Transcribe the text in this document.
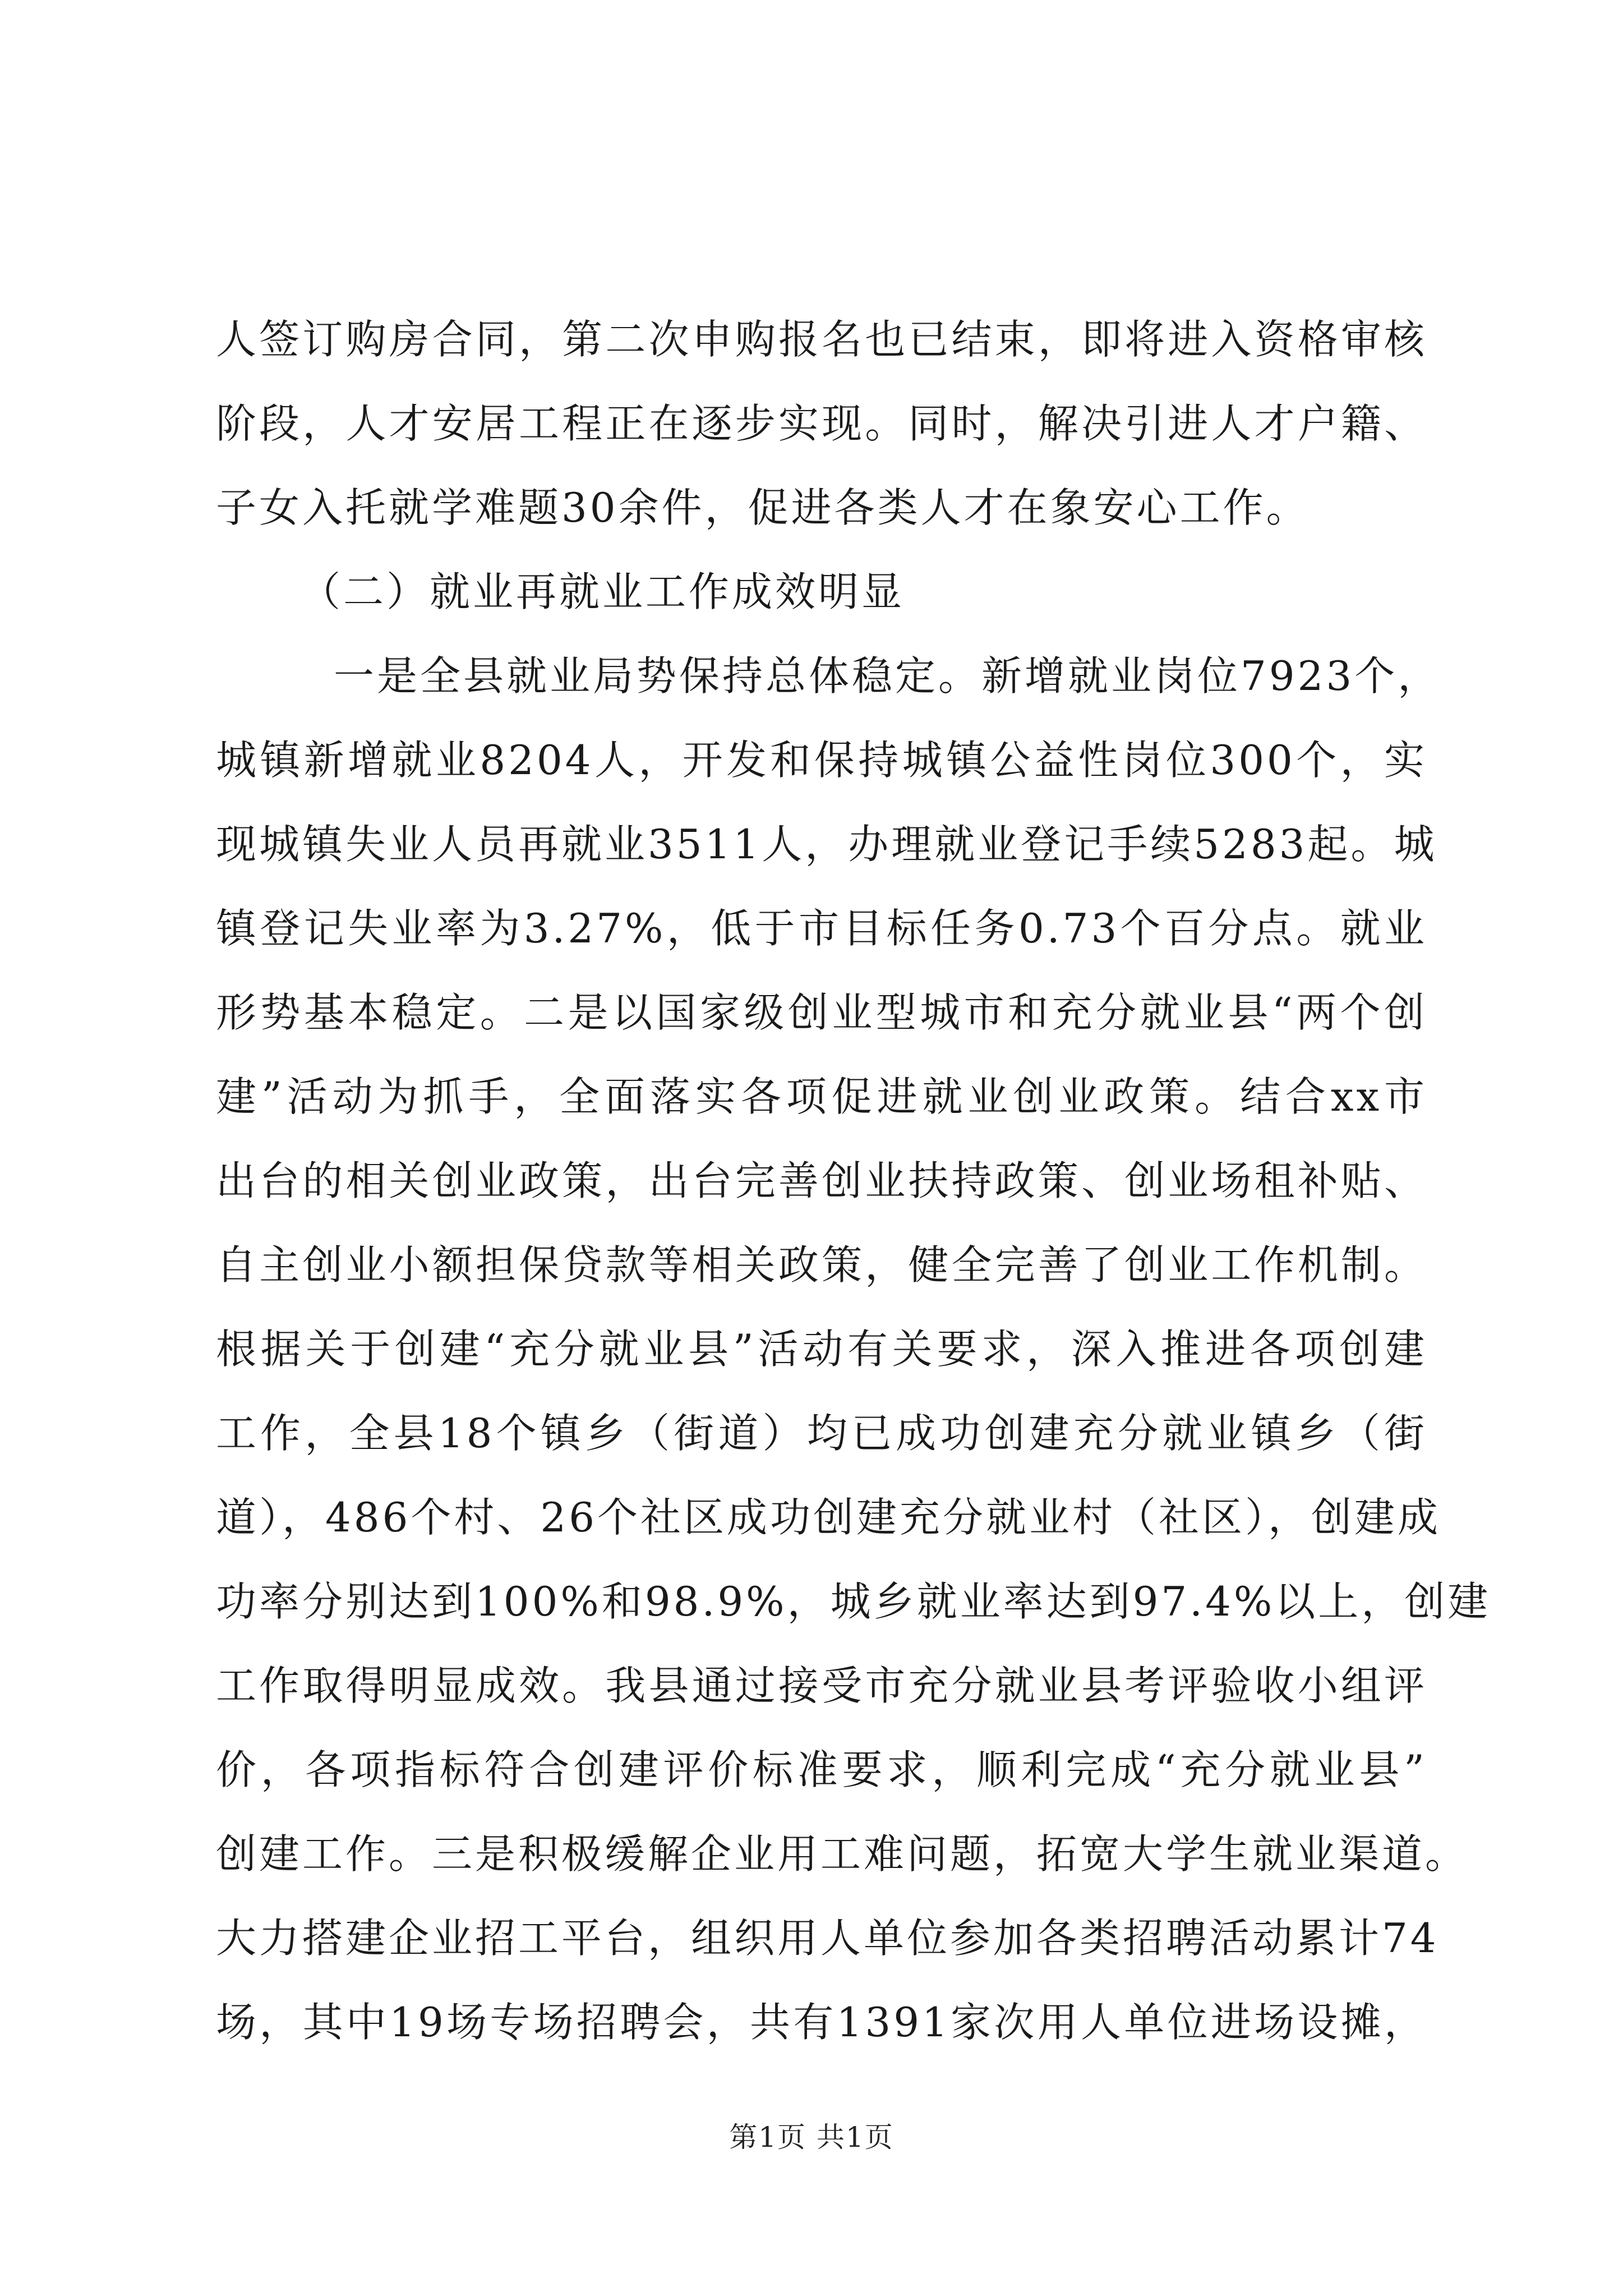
人签订购房合同，第二次申购报名也已结束，即将进入资格审核
阶段，人才安居工程正在逐步实现。同时，解决引进人才户籍、
子女入托就学难题30余件，促进各类人才在象安心工作。
（二）就业再就业工作成效明显
一是全县就业局势保持总体稳定。新增就业岗位7923个，
城镇新增就业8204人，开发和保持城镇公益性岗位300个，实
现城镇失业人员再就业3511人，办理就业登记手续5283起。城
镇登记失业率为3.27%，低于市目标任务0.73个百分点。就业
形势基本稳定。二是以国家级创业型城市和充分就业县“两个创
建”活动为抓手，全面落实各项促进就业创业政策。结合xx市
出台的相关创业政策，出台完善创业扶持政策、创业场租补贴、
自主创业小额担保贷款等相关政策，健全完善了创业工作机制。
根据关于创建“充分就业县”活动有关要求，深入推进各项创建
工作，全县18个镇乡（街道）均已成功创建充分就业镇乡（街
道），486个村、26个社区成功创建充分就业村（社区），创建成
功率分别达到100%和98.9%，城乡就业率达到97.4%以上，创建
工作取得明显成效。我县通过接受市充分就业县考评验收小组评
价，各项指标符合创建评价标准要求，顺利完成“充分就业县”
创建工作。三是积极缓解企业用工难问题，拓宽大学生就业渠道。
大力搭建企业招工平台，组织用人单位参加各类招聘活动累计74
场，其中19场专场招聘会，共有1391家次用人单位进场设摊，
第1页 共1页
